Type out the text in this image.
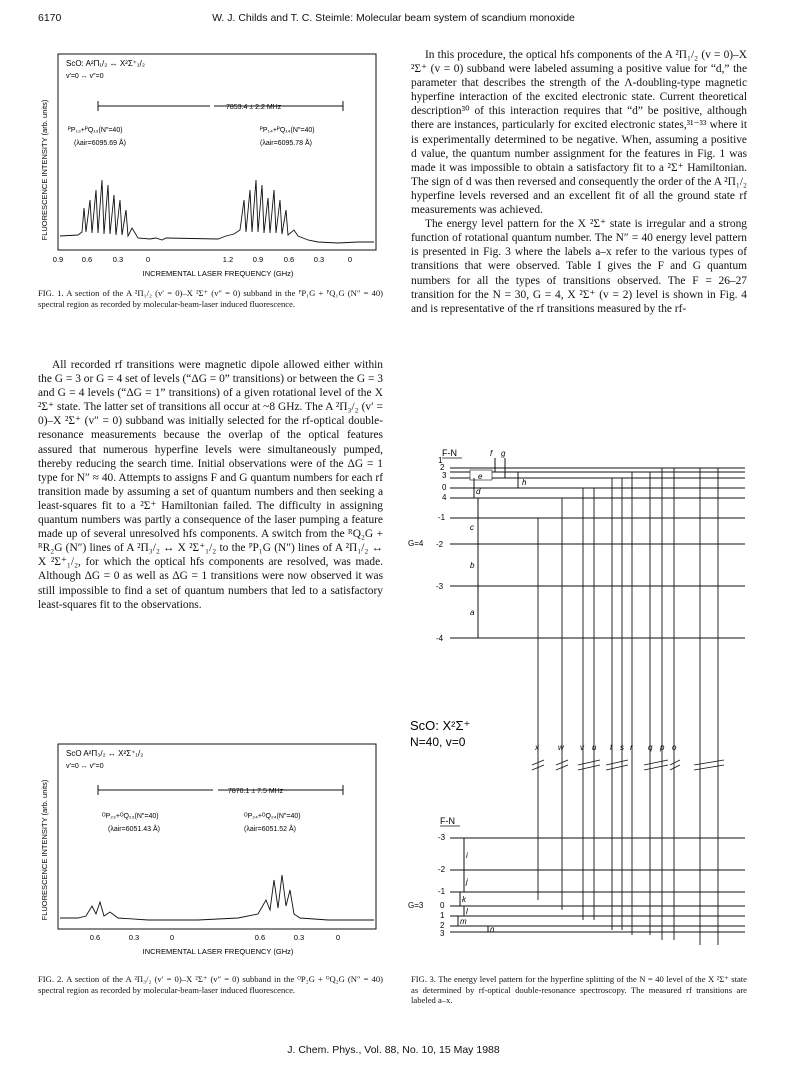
6170	W. J. Childs and T. C. Steimle: Molecular beam system of scandium monoxide
FLUORESCENCE INTENSITY (arb. units)
ScO: A²Π₁/₂ ↔ X²Σ⁺₁/₂
v′=0 ↔ v″=0
7853.4 ± 2.2 MHz
ᴾP₁₃+ᴾQ₁₃(N″=40)
(λair=6095.69 Å)
ᴾP₁₄+ᴾQ₁₄(N″=40)
(λair=6095.78 Å)
0.9 0.6	0.3	0	1.2	0.9	0.6	0.3	0
INCREMENTAL LASER FREQUENCY (GHz)

FIG. 1. A section of the A ²Π₁/₂ (v′ = 0)–X ²Σ⁺ (v″ = 0) subband in the ᴾP₁G + ᴾQ₁G (N″ = 40) spectral region as recorded by molecular-beam-laser induced fluorescence.

All recorded rf transitions were magnetic dipole allowed either within the G = 3 or G = 4 set of levels (“ΔG = 0” transitions) or between the G = 3 and G = 4 levels (“ΔG = 1” transitions) of a given rotational level of the X ²Σ⁺ state. The latter set of transitions all occur at ~8 GHz. The A ²Π₃/₂ (v′ = 0)–X ²Σ⁺ (v″ = 0) subband was initially selected for the rf-optical double-resonance measurements because the overlap of the optical features assured that numerous hyperfine levels were simultaneously pumped, thereby reducing the search time. Initial observations were of the ΔG = 1 type for N″ ≈ 40. Attempts to assigns F and G quantum numbers for each rf transition made by assuming a set of quantum numbers and then seeking a least-squares fit to a ²Σ⁺ Hamiltonian failed. The difficulty in assigning quantum numbers was partly a consequence of the laser pumping a feature made up of several unresolved hfs components. A switch from the ᴿQ₂G + ᴿR₂G (N″) lines of A ²Π₃/₂ ↔ X ²Σ⁺₁/₂ to the ᴾP₁G (N″) lines of A ²Π₁/₂ ↔ X ²Σ⁺₁/₂, for which the optical hfs components are resolved, was made. Although ΔG = 0 as well as ΔG = 1 transitions were now observed it was still impossible to find a set of quantum numbers that led to a satisfactory least-squares fit to the observations.

FLUORESCENCE INTENSITY (arb. units)
ScO A²Π₃/₂ ↔ X²Σ⁺₁/₂
v′=0 ↔ v″=0
7870.1 ± 7.5 MHz
ᴼP₂₃+ᴼQ₂₃(N″=40)
(λair=6051.43 Å)
ᴼP₂₄+ᴼQ₂₄(N″=40)
(λair=6051.52 Å)
0.6	0.3	0	0.6	0.3	0
INCREMENTAL LASER FREQUENCY (GHz)

FIG. 2. A section of the A ²Π₃/₂ (v′ = 0)–X ²Σ⁺ (v″ = 0) subband in the ᴼP₂G + ᴼQ₂G (N″ = 40) spectral region as recorded by molecular-beam-laser induced fluorescence.

In this procedure, the optical hfs components of the A ²Π₁/₂ (v = 0)–X ²Σ⁺ (v = 0) subband were labeled assuming a positive value for “d,” the parameter that describes the strength of the Λ-doubling-type magnetic hyperfine interaction of the excited electronic state. Current theoretical description³⁰ of this interaction requires that “d” be positive, although there are instances, particularly for excited electronic states,³¹⁻³³ where it is experimentally determined to be negative. When, assuming a positive d value, the quantum number assignment for the features in Fig. 1 was made it was impossible to obtain a satisfactory fit to a ²Σ⁺ Hamiltonian. The sign of d was then reversed and consequently the order of the A ²Π₁/₂ hyperfine levels reversed and an excellent fit of all the ground state rf measurements was achieved.

The energy level pattern for the X ²Σ⁺ state is irregular and a strong function of rotational quantum number. The N″ = 40 energy level pattern is presented in Fig. 3 where the labels a–x refer to the various types of transitions that were observed. Table I gives the F and G quantum numbers for all the types of transitions observed. The F = 26–27 transition for the N = 30, G = 4, X ²Σ⁺ (v = 2) level is shown in Fig. 4 and is representative of the rf transitions measured by the rf-

F-N	f g
2
3
1
0
4
-1
-2
-3
-4
G=4
e
h
d
c
b
a
x w v u t s r q p o
ScO: X²Σ⁺
N=40, v=0
F-N
-3
-2
-1
0
1
2
3
G=3
i
j
k
l
m
n

FIG. 3. The energy level pattern for the hyperfine splitting of the N = 40 level of the X ²Σ⁺ state as determined by rf-optical double-resonance spectroscopy. The measured rf transitions are labeled a–x.

J. Chem. Phys., Vol. 88, No. 10, 15 May 1988
